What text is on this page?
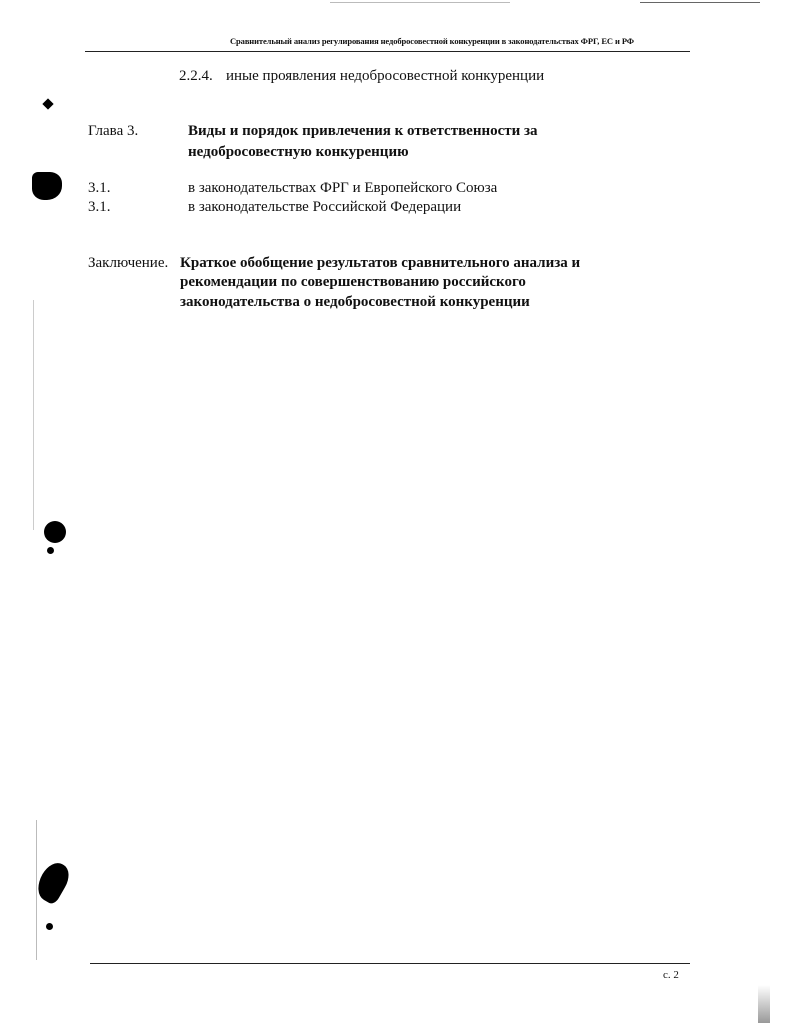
Сравнительный анализ регулирования недобросовестной конкуренции в законодательствах ФРГ, ЕС и РФ
2.2.4. иные проявления недобросовестной конкуренции
Глава 3.	Виды и порядок привлечения к ответственности за
недобросовестную конкуренцию
3.1.	в законодательствах ФРГ и Европейского Союза
3.1.	в законодательстве Российской Федерации
Заключение. Краткое обобщение результатов сравнительного анализа и
рекомендации по совершенствованию российского
законодательства о недобросовестной конкуренции
с. 2
